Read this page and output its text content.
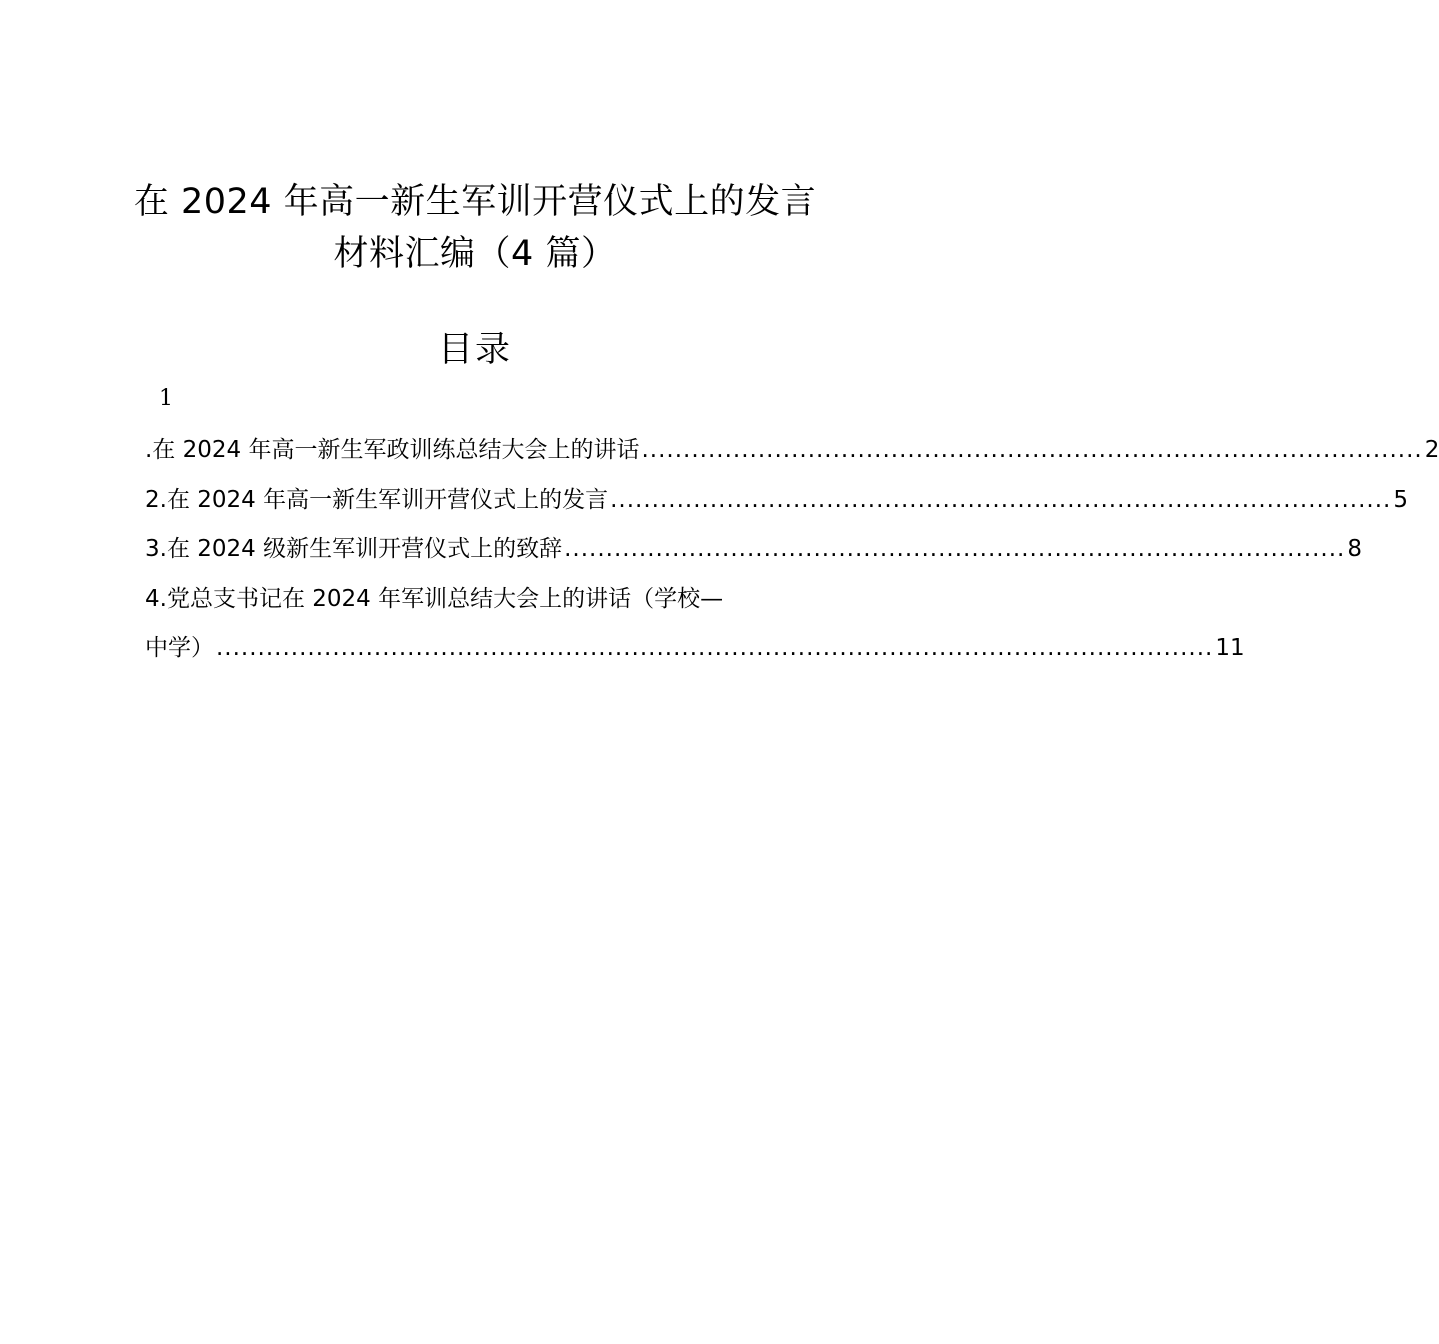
在 2024 年高一新生军训开营仪式上的发言
材料汇编（4 篇）
目录
1
.在 2024 年高一新生军政训练总结大会上的讲话 .............................................................................................. 2
2.在 2024 年高一新生军训开营仪式上的发言 .............................................................................................. 5
3.在 2024 级新生军训开营仪式上的致辞 .............................................................................................. 8
4.党总支书记在 2024 年军训总结大会上的讲话（学校—
中学） ........................................................................................................................ 11
